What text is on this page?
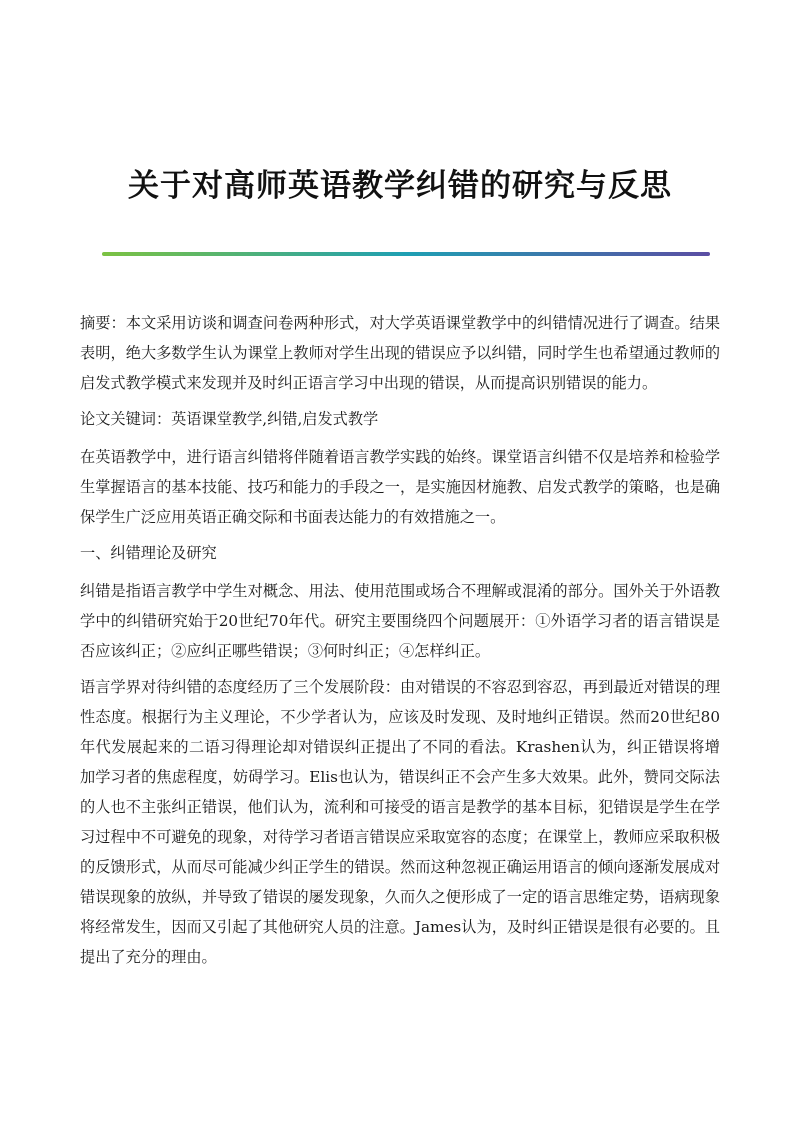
关于对高师英语教学纠错的研究与反思

摘要：本文采用访谈和调查问卷两种形式，对大学英语课堂教学中的纠错情况进行了调查。结果表明，绝大多数学生认为课堂上教师对学生出现的错误应予以纠错，同时学生也希望通过教师的启发式教学模式来发现并及时纠正语言学习中出现的错误，从而提高识别错误的能力。

论文关键词：英语课堂教学,纠错,启发式教学

在英语教学中，进行语言纠错将伴随着语言教学实践的始终。课堂语言纠错不仅是培养和检验学生掌握语言的基本技能、技巧和能力的手段之一，是实施因材施教、启发式教学的策略，也是确保学生广泛应用英语正确交际和书面表达能力的有效措施之一。

一、纠错理论及研究

纠错是指语言教学中学生对概念、用法、使用范围或场合不理解或混淆的部分。国外关于外语教学中的纠错研究始于20世纪70年代。研究主要围绕四个问题展开：①外语学习者的语言错误是否应该纠正；②应纠正哪些错误；③何时纠正；④怎样纠正。

语言学界对待纠错的态度经历了三个发展阶段：由对错误的不容忍到容忍，再到最近对错误的理性态度。根据行为主义理论，不少学者认为，应该及时发现、及时地纠正错误。然而20世纪80年代发展起来的二语习得理论却对错误纠正提出了不同的看法。Krashen认为，纠正错误将增加学习者的焦虑程度，妨碍学习。Elis也认为，错误纠正不会产生多大效果。此外，赞同交际法的人也不主张纠正错误，他们认为，流利和可接受的语言是教学的基本目标，犯错误是学生在学习过程中不可避免的现象，对待学习者语言错误应采取宽容的态度；在课堂上，教师应采取积极的反馈形式，从而尽可能减少纠正学生的错误。然而这种忽视正确运用语言的倾向逐渐发展成对错误现象的放纵，并导致了错误的屡发现象，久而久之便形成了一定的语言思维定势，语病现象将经常发生，因而又引起了其他研究人员的注意。James认为，及时纠正错误是很有必要的。且提出了充分的理由。
